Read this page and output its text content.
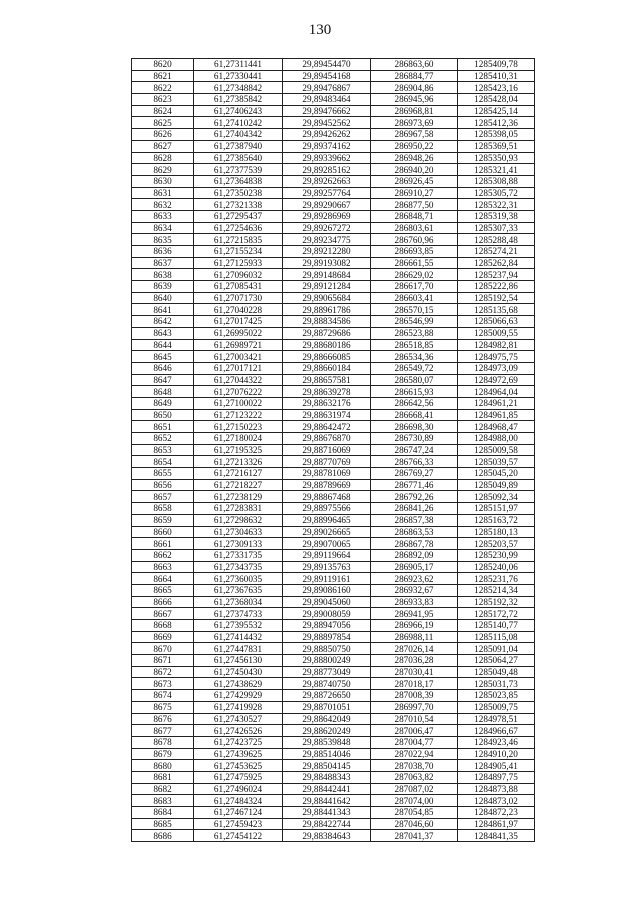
130
8620	61,27311441	29,89454470	286863,60	1285409,78
8621	61,27330441	29,89454168	286884,77	1285410,31
8622	61,27348842	29,89476867	286904,86	1285423,16
8623	61,27385842	29,89483464	286945,96	1285428,04
8624	61,27406243	29,89476662	286968,81	1285425,14
8625	61,27410242	29,89452562	286973,69	1285412,36
8626	61,27404342	29,89426262	286967,58	1285398,05
8627	61,27387940	29,89374162	286950,22	1285369,51
8628	61,27385640	29,89339662	286948,26	1285350,93
8629	61,27377539	29,89285162	286940,20	1285321,41
8630	61,27364838	29,89262663	286926,45	1285308,88
8631	61,27350238	29,89257764	286910,27	1285305,72
8632	61,27321338	29,89290667	286877,50	1285322,31
8633	61,27295437	29,89286969	286848,71	1285319,38
8634	61,27254636	29,89267272	286803,61	1285307,33
8635	61,27215835	29,89234775	286760,96	1285288,48
8636	61,27155234	29,89212280	286693,85	1285274,21
8637	61,27125933	29,89193082	286661,55	1285262,84
8638	61,27096032	29,89148684	286629,02	1285237,94
8639	61,27085431	29,89121284	286617,70	1285222,86
8640	61,27071730	29,89065684	286603,41	1285192,54
8641	61,27040228	29,88961786	286570,15	1285135,68
8642	61,27017425	29,88834586	286546,99	1285066,63
8643	61,26995022	29,88729686	286523,88	1285009,55
8644	61,26989721	29,88680186	286518,85	1284982,81
8645	61,27003421	29,88666085	286534,36	1284975,75
8646	61,27017121	29,88660184	286549,72	1284973,09
8647	61,27044322	29,88657581	286580,07	1284972,69
8648	61,27076222	29,88639278	286615,93	1284964,04
8649	61,27100022	29,88632176	286642,56	1284961,21
8650	61,27123222	29,88631974	286668,41	1284961,85
8651	61,27150223	29,88642472	286698,30	1284968,47
8652	61,27180024	29,88676870	286730,89	1284988,00
8653	61,27195325	29,88716069	286747,24	1285009,58
8654	61,27213326	29,88770769	286766,33	1285039,57
8655	61,27216127	29,88781069	286769,27	1285045,20
8656	61,27218227	29,88789669	286771,46	1285049,89
8657	61,27238129	29,88867468	286792,26	1285092,34
8658	61,27283831	29,88975566	286841,26	1285151,97
8659	61,27298632	29,88996465	286857,38	1285163,72
8660	61,27304633	29,89026665	286863,53	1285180,13
8661	61,27309133	29,89070065	286867,78	1285203,57
8662	61,27331735	29,89119664	286892,09	1285230,99
8663	61,27343735	29,89135763	286905,17	1285240,06
8664	61,27360035	29,89119161	286923,62	1285231,76
8665	61,27367635	29,89086160	286932,67	1285214,34
8666	61,27368034	29,89045060	286933,83	1285192,32
8667	61,27374733	29,89008059	286941,95	1285172,72
8668	61,27395532	29,88947056	286966,19	1285140,77
8669	61,27414432	29,88897854	286988,11	1285115,08
8670	61,27447831	29,88850750	287026,14	1285091,04
8671	61,27456130	29,88800249	287036,28	1285064,27
8672	61,27450430	29,88773049	287030,41	1285049,48
8673	61,27438629	29,88740750	287018,17	1285031,73
8674	61,27429929	29,88726650	287008,39	1285023,85
8675	61,27419928	29,88701051	286997,70	1285009,75
8676	61,27430527	29,88642049	287010,54	1284978,51
8677	61,27426526	29,88620249	287006,47	1284966,67
8678	61,27423725	29,88539848	287004,77	1284923,46
8679	61,27439625	29,88514046	287022,94	1284910,20
8680	61,27453625	29,88504145	287038,70	1284905,41
8681	61,27475925	29,88488343	287063,82	1284897,75
8682	61,27496024	29,88442441	287087,02	1284873,88
8683	61,27484324	29,88441642	287074,00	1284873,02
8684	61,27467124	29,88441343	287054,85	1284872,23
8685	61,27459423	29,88422744	287046,60	1284861,97
8686	61,27454122	29,88384643	287041,37	1284841,35
